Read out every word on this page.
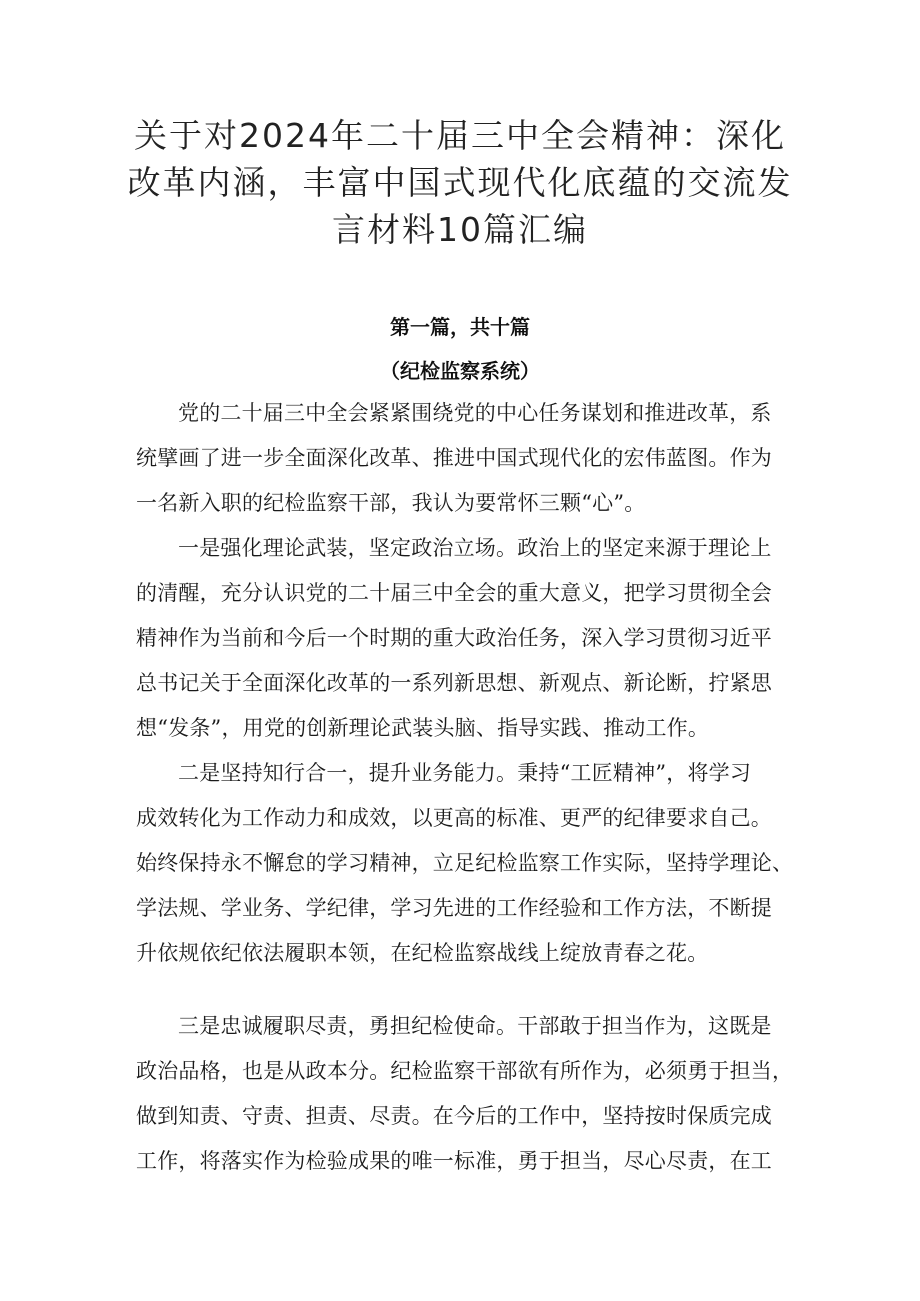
关于对2024年二十届三中全会精神：深化
改革内涵，丰富中国式现代化底蕴的交流发
言材料10篇汇编
第一篇，共十篇
（纪检监察系统）
党的二十届三中全会紧紧围绕党的中心任务谋划和推进改革，系
统擘画了进一步全面深化改革、推进中国式现代化的宏伟蓝图。作为
一名新入职的纪检监察干部，我认为要常怀三颗“心”。
一是强化理论武装，坚定政治立场。政治上的坚定来源于理论上
的清醒，充分认识党的二十届三中全会的重大意义，把学习贯彻全会
精神作为当前和今后一个时期的重大政治任务，深入学习贯彻习近平
总书记关于全面深化改革的一系列新思想、新观点、新论断，拧紧思
想“发条”，用党的创新理论武装头脑、指导实践、推动工作。
二是坚持知行合一，提升业务能力。秉持“工匠精神”，将学习
成效转化为工作动力和成效，以更高的标准、更严的纪律要求自己。
始终保持永不懈怠的学习精神，立足纪检监察工作实际，坚持学理论、
学法规、学业务、学纪律，学习先进的工作经验和工作方法，不断提
升依规依纪依法履职本领，在纪检监察战线上绽放青春之花。
三是忠诚履职尽责，勇担纪检使命。干部敢于担当作为，这既是
政治品格，也是从政本分。纪检监察干部欲有所作为，必须勇于担当，
做到知责、守责、担责、尽责。在今后的工作中，坚持按时保质完成
工作，将落实作为检验成果的唯一标准，勇于担当，尽心尽责，在工
